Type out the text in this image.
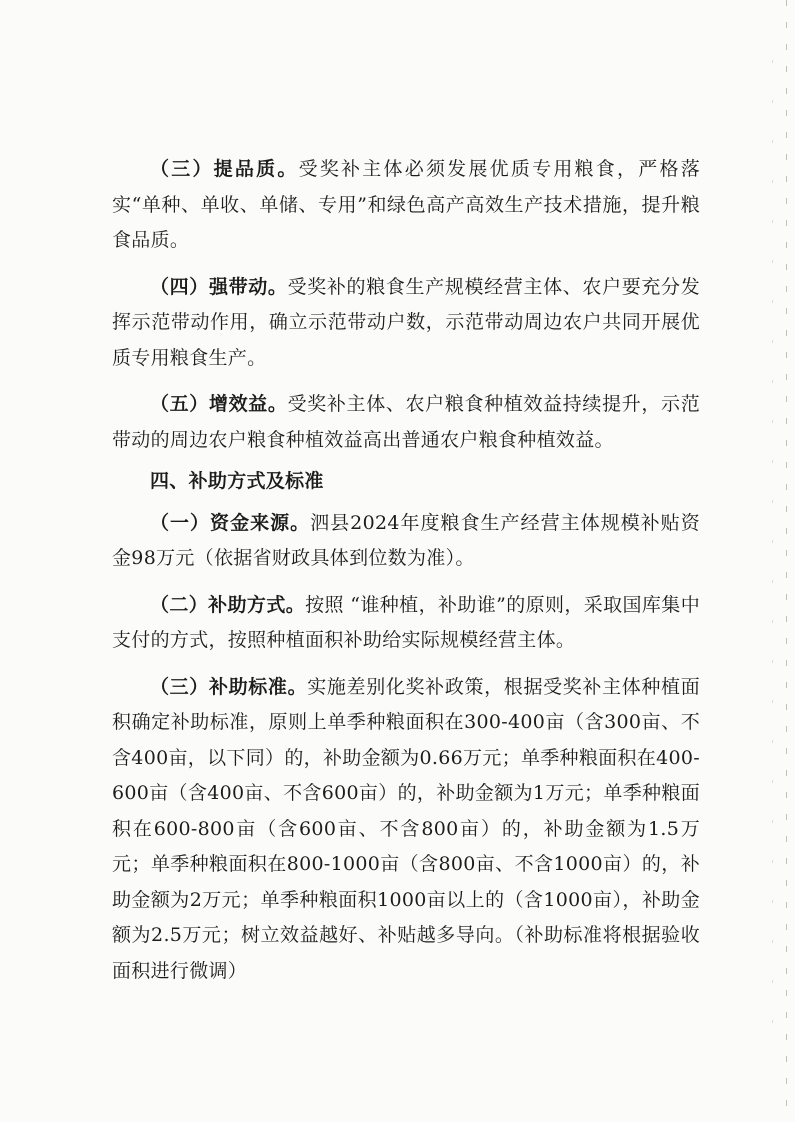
（三）提品质。受奖补主体必须发展优质专用粮食，严格落实“单种、单收、单储、专用”和绿色高产高效生产技术措施，提升粮食品质。

（四）强带动。受奖补的粮食生产规模经营主体、农户要充分发挥示范带动作用，确立示范带动户数，示范带动周边农户共同开展优质专用粮食生产。

（五）增效益。受奖补主体、农户粮食种植效益持续提升，示范带动的周边农户粮食种植效益高出普通农户粮食种植效益。

四、补助方式及标准

（一）资金来源。泗县2024年度粮食生产经营主体规模补贴资金98万元（依据省财政具体到位数为准）。

（二）补助方式。按照 “谁种植，补助谁”的原则，采取国库集中支付的方式，按照种植面积补助给实际规模经营主体。

（三）补助标准。实施差别化奖补政策，根据受奖补主体种植面积确定补助标准，原则上单季种粮面积在300-400亩（含300亩、不含400亩，以下同）的，补助金额为0.66万元；单季种粮面积在400-600亩（含400亩、不含600亩）的，补助金额为1万元；单季种粮面积在600-800亩（含600亩、不含800亩）的，补助金额为1.5万元；单季种粮面积在800-1000亩（含800亩、不含1000亩）的，补助金额为2万元；单季种粮面积1000亩以上的（含1000亩），补助金额为2.5万元；树立效益越好、补贴越多导向。（补助标准将根据验收面积进行微调）
